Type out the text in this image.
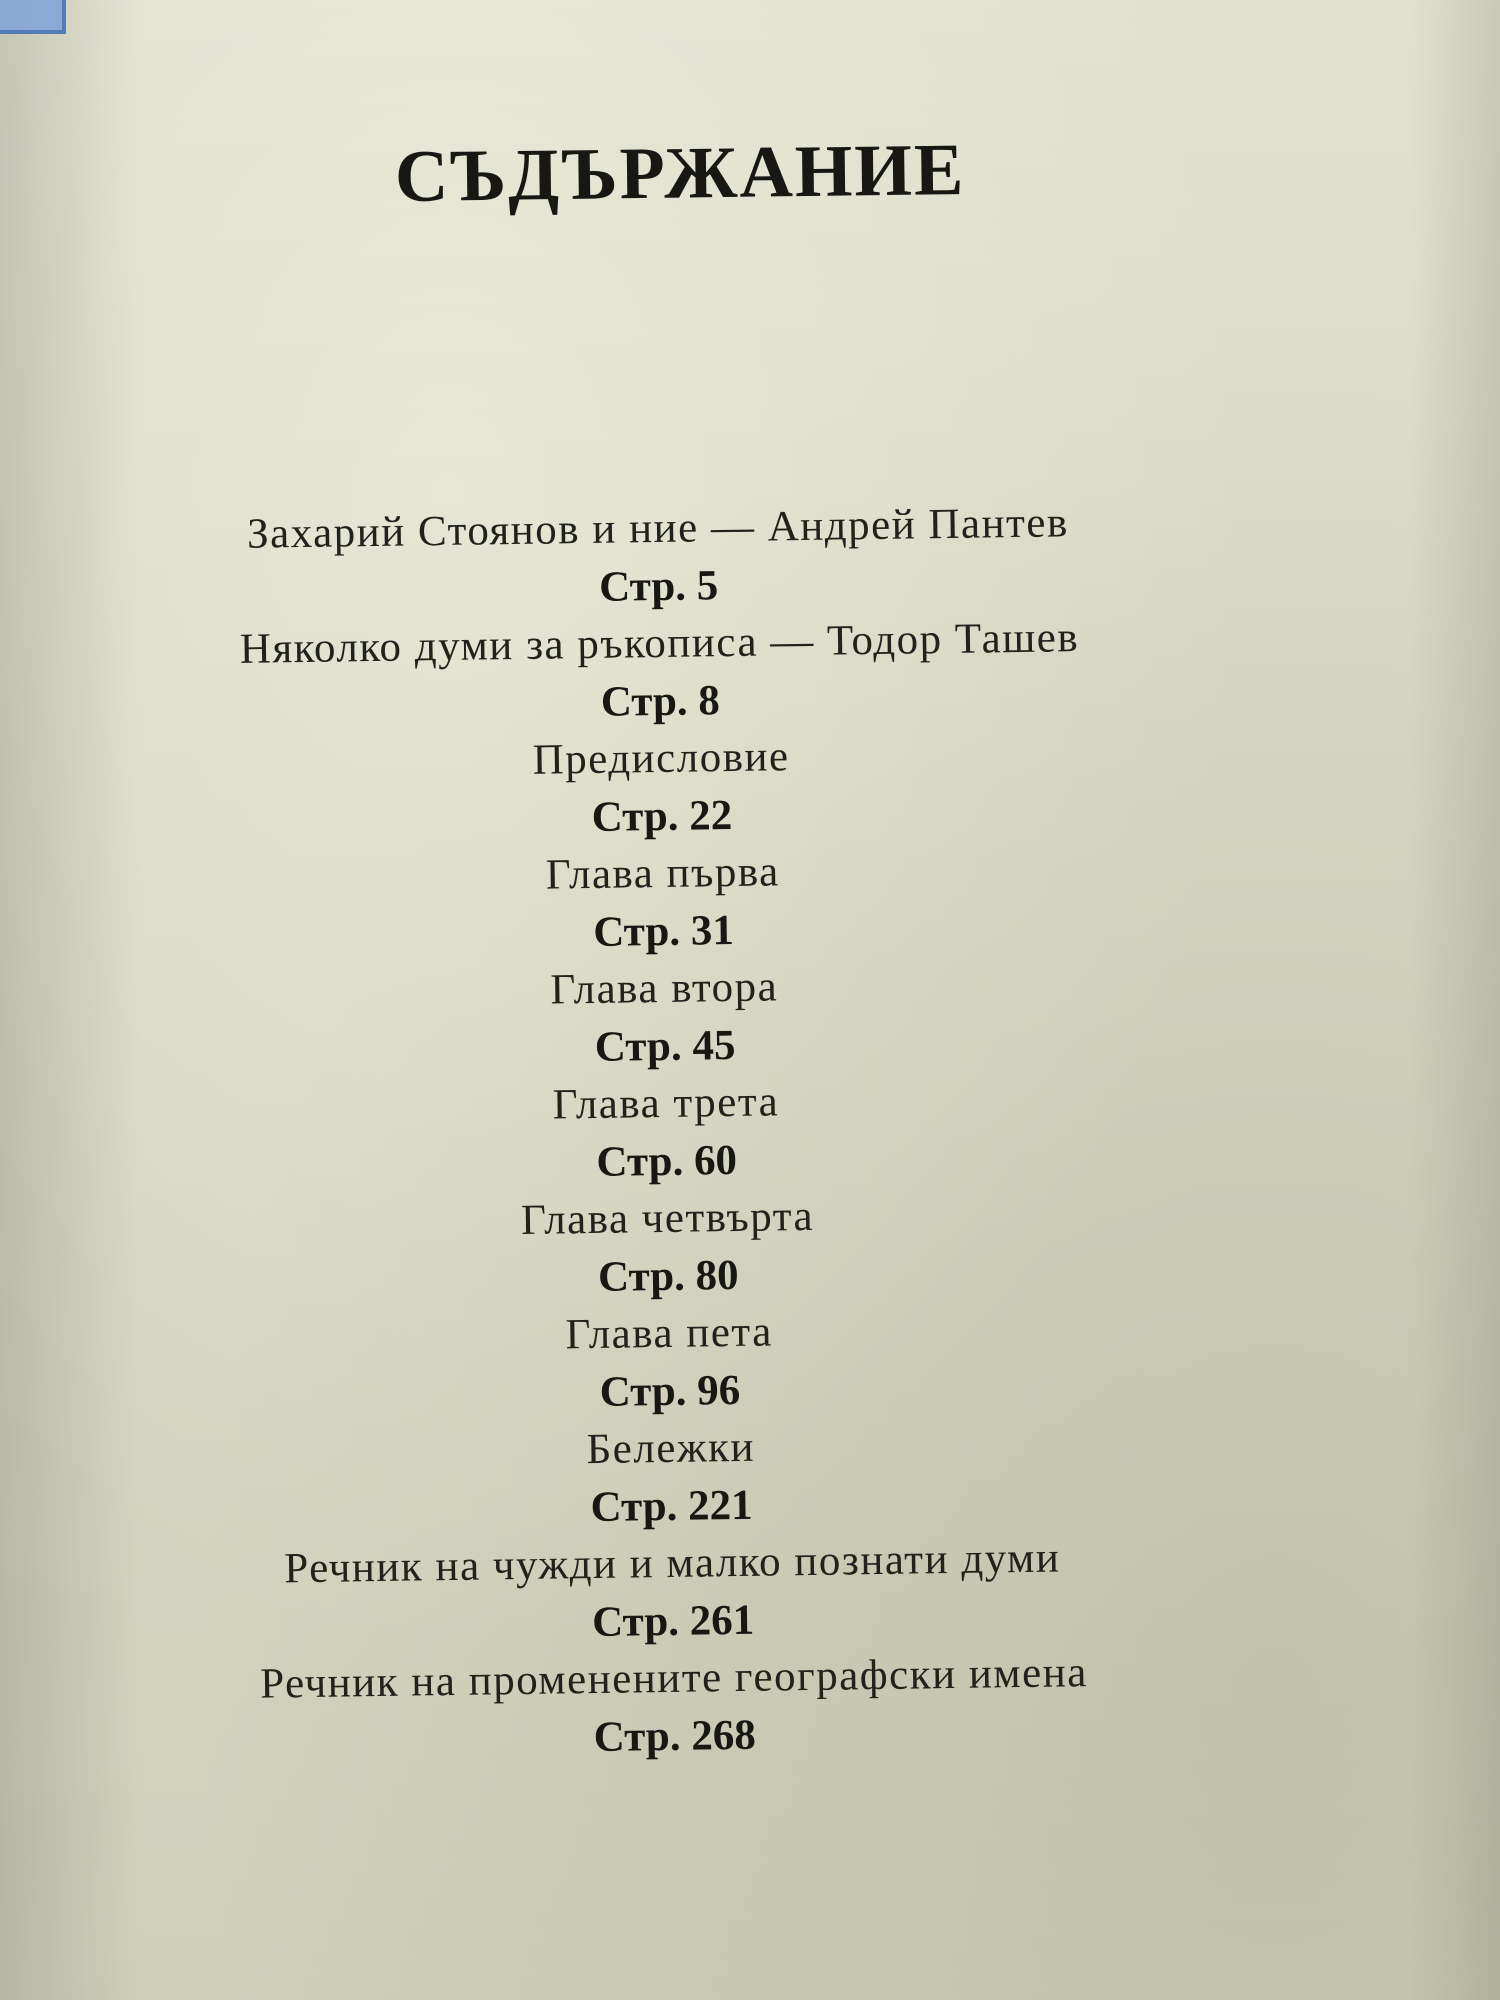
СЪДЪРЖАНИЕ
Захарий Стоянов и ние — Андрей Пантев
Стр. 5
Няколко думи за ръкописа — Тодор Ташев
Стр. 8
Предисловие
Стр. 22
Глава първа
Стр. 31
Глава втора
Стр. 45
Глава трета
Стр. 60
Глава четвърта
Стр. 80
Глава пета
Стр. 96
Бележки
Стр. 221
Речник на чужди и малко познати думи
Стр. 261
Речник на променените географски имена
Стр. 268
